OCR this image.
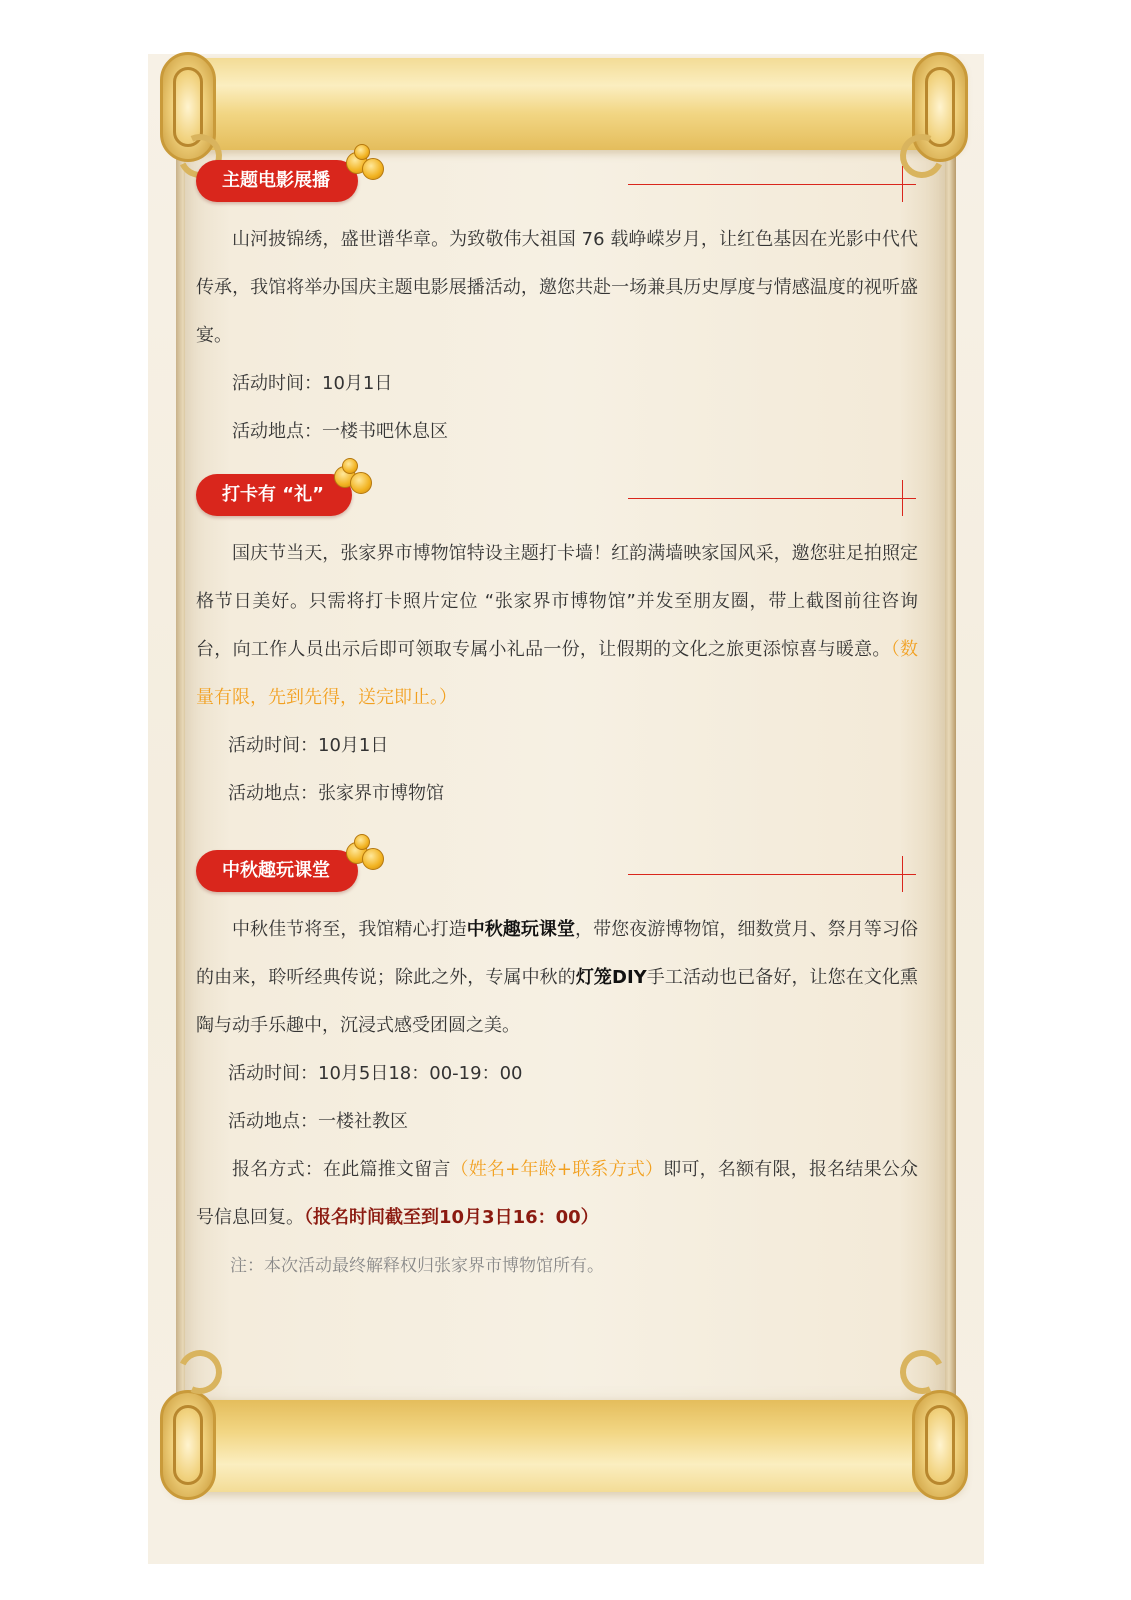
主题电影展播

山河披锦绣，盛世谱华章。为致敬伟大祖国 76 载峥嵘岁月，让红色基因在光影中代代传承，我馆将举办国庆主题电影展播活动，邀您共赴一场兼具历史厚度与情感温度的视听盛宴。

活动时间：10月1日
活动地点：一楼书吧休息区
打卡有 “礼”

国庆节当天，张家界市博物馆特设主题打卡墙！红韵满墙映家国风采，邀您驻足拍照定格节日美好。只需将打卡照片定位 “张家界市博物馆”并发至朋友圈，带上截图前往咨询台，向工作人员出示后即可领取专属小礼品一份，让假期的文化之旅更添惊喜与暖意。（数量有限，先到先得，送完即止。）

活动时间：10月1日
活动地点：张家界市博物馆
中秋趣玩课堂

中秋佳节将至，我馆精心打造中秋趣玩课堂，带您夜游博物馆，细数赏月、祭月等习俗的由来，聆听经典传说；除此之外，专属中秋的灯笼DIY手工活动也已备好，让您在文化熏陶与动手乐趣中，沉浸式感受团圆之美。

活动时间：10月5日18：00-19：00
活动地点：一楼社教区

报名方式：在此篇推文留言（姓名+年龄+联系方式）即可，名额有限，报名结果公众号信息回复。（报名时间截至到10月3日16：00）

注：本次活动最终解释权归张家界市博物馆所有。
